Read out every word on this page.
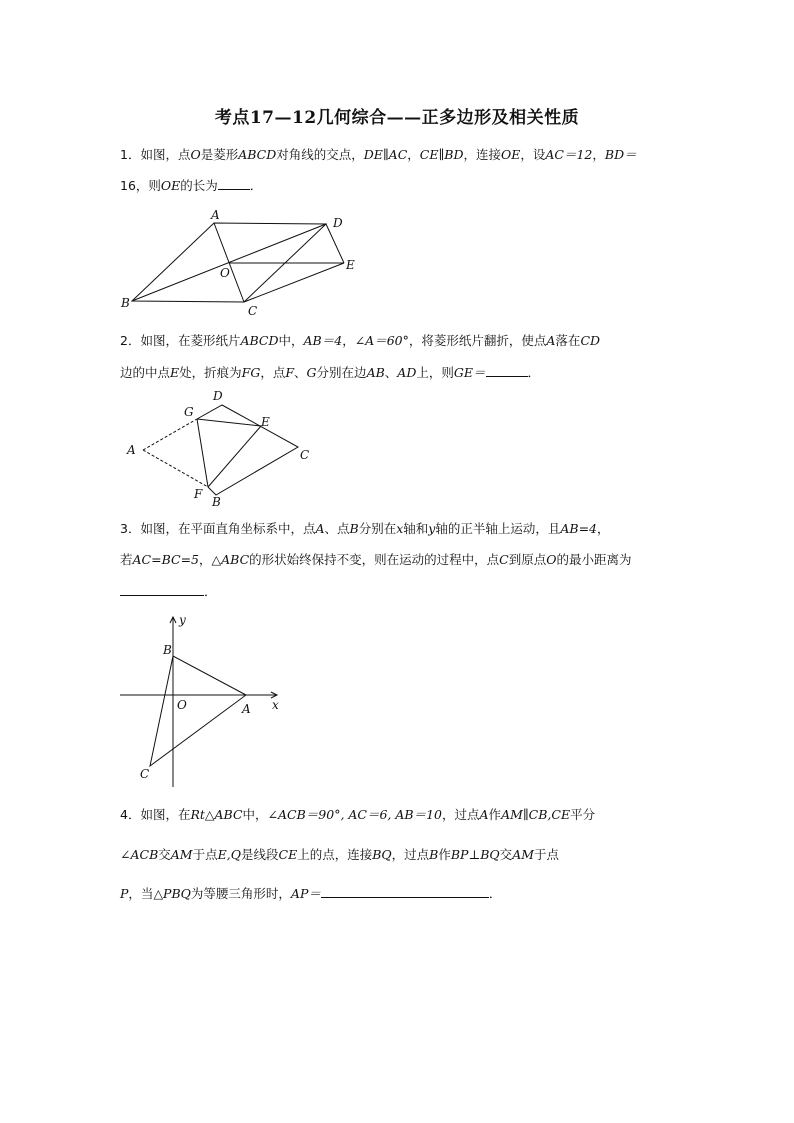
考点17—12几何综合——正多边形及相关性质
1．如图，点O是菱形ABCD对角线的交点，DE∥AC，CE∥BD，连接OE，设AC＝12，BD＝
16，则OE的长为	．
A
B
C
D
E
O
2．如图，在菱形纸片ABCD中，AB＝4，∠A＝60°，将菱形纸片翻折，使点A落在CD
边的中点E处，折痕为FG，点F、G分别在边AB、AD上，则GE＝	．
A
D
G
E
C
F
B
3．如图，在平面直角坐标系中，点A、点B分别在x轴和y轴的正半轴上运动，且AB=4，
若AC=BC=5，△ABC的形状始终保持不变，则在运动的过程中，点C到原点O的最小距离为
．
B
A
C
O	x
y
4．如图，在Rt△ABC中，∠ACB＝90°, AC＝6, AB＝10，过点A作AM∥CB,CE平分
∠ACB交AM于点E,Q是线段CE上的点，连接BQ，过点B作BP⊥BQ交AM于点
P，当△PBQ为等腰三角形时，AP＝	．
